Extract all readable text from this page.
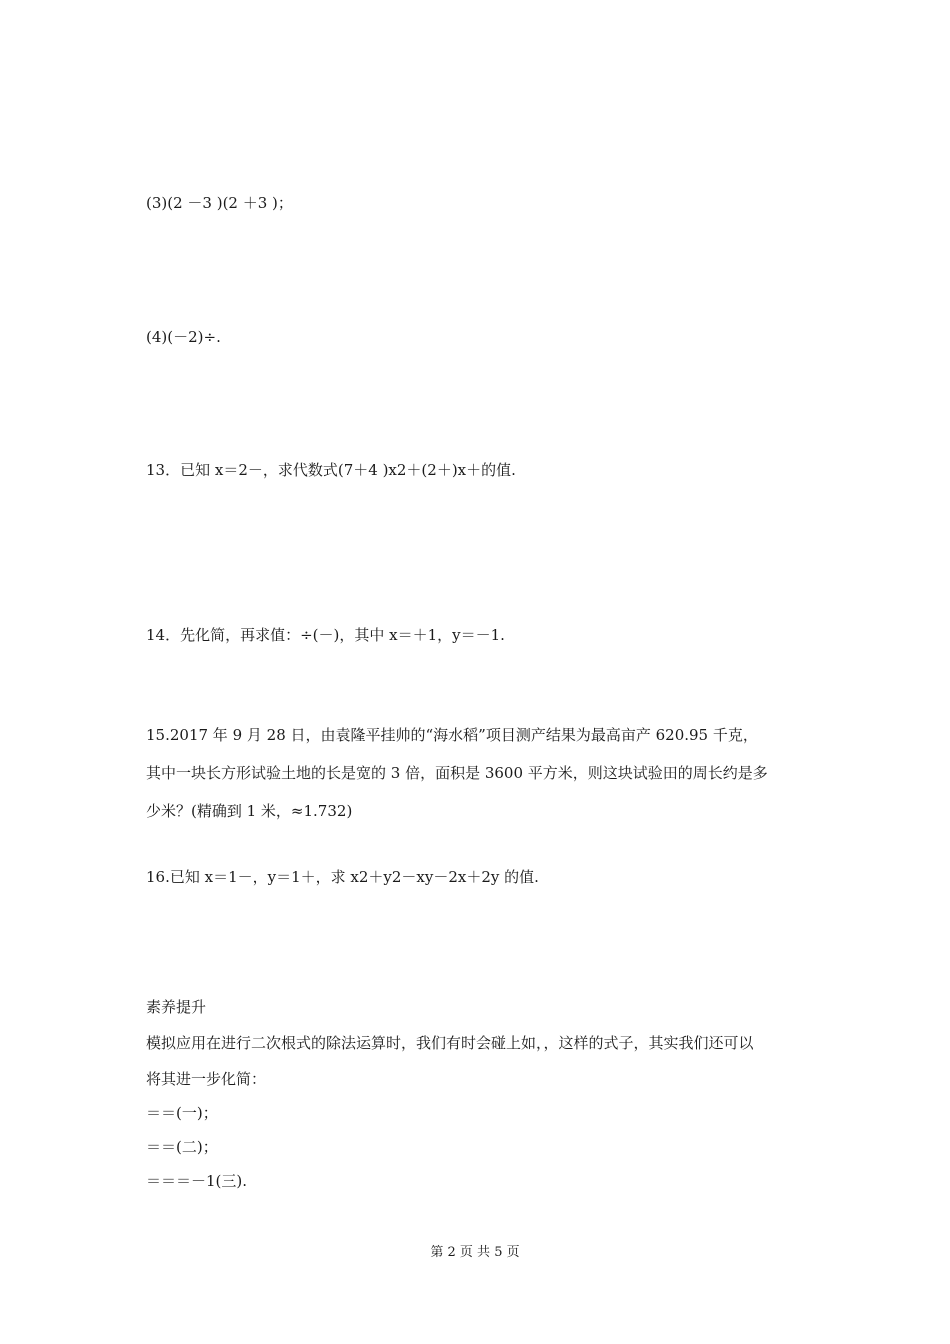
(3)(2 －3 )(2 ＋3 )；
(4)(－2)÷.
13．已知 x＝2－，求代数式(7＋4 )x2＋(2＋)x＋的值.
14．先化简，再求值：÷(－)，其中 x＝＋1，y＝－1.
15.2017 年 9 月 28 日，由袁隆平挂帅的“海水稻”项目测产结果为最高亩产 620.95 千克，
其中一块长方形试验土地的长是宽的 3 倍，面积是 3600 平方米，则这块试验田的周长约是多
少米？(精确到 1 米，≈1.732)
16.已知 x＝1－，y＝1＋，求 x2＋y2－xy－2x＋2y 的值.
素养提升
模拟应用在进行二次根式的除法运算时，我们有时会碰上如，，这样的式子，其实我们还可以
将其进一步化简：
＝＝(一)；
＝＝(二)；
＝＝＝－1(三).
第 2 页 共 5 页
